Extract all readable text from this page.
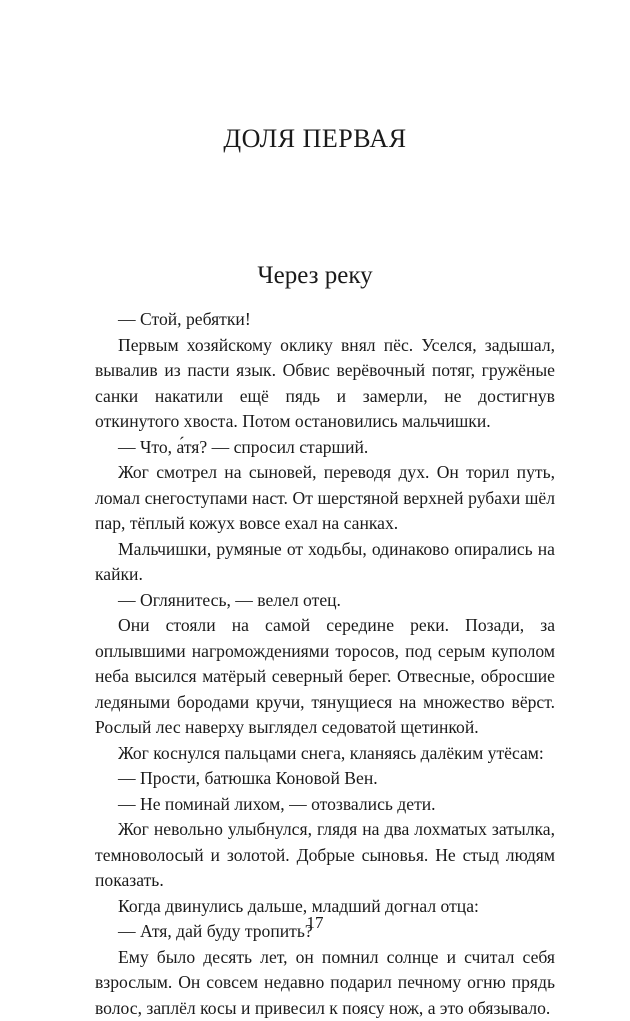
ДОЛЯ ПЕРВАЯ
Через реку

— Стой, ребятки!

Первым хозяйскому оклику внял пёс. Уселся, задышал, вывалив из пасти язык. Обвис верёвочный потяг, гружёные санки накатили ещё пядь и замерли, не достигнув откинутого хвоста. Потом остановились мальчишки.

— Что, а́тя? — спросил старший.

Жог смотрел на сыновей, переводя дух. Он торил путь, ломал снегоступами наст. От шерстяной верхней рубахи шёл пар, тёплый кожух вовсе ехал на санках.

Мальчишки, румяные от ходьбы, одинаково опирались на кайки.

— Оглянитесь, — велел отец.

Они стояли на самой середине реки. Позади, за оплывшими нагромождениями торосов, под серым куполом неба высился матёрый северный берег. Отвесные, обросшие ледяными бородами кручи, тянущиеся на множество вёрст. Рослый лес наверху выглядел седоватой щетинкой.

Жог коснулся пальцами снега, кланяясь далёким утёсам:

— Прости, батюшка Коновой Вен.

— Не поминай лихом, — отозвались дети.

Жог невольно улыбнулся, глядя на два лохматых затылка, темноволосый и золотой. Добрые сыновья. Не стыд людям показать.

Когда двинулись дальше, младший догнал отца:

— Атя, дай буду тропить?

Ему было десять лет, он помнил солнце и считал себя взрослым. Он совсем недавно подарил печному огню прядь волос, заплёл косы и привесил к поясу нож, а это обязывало.

17
